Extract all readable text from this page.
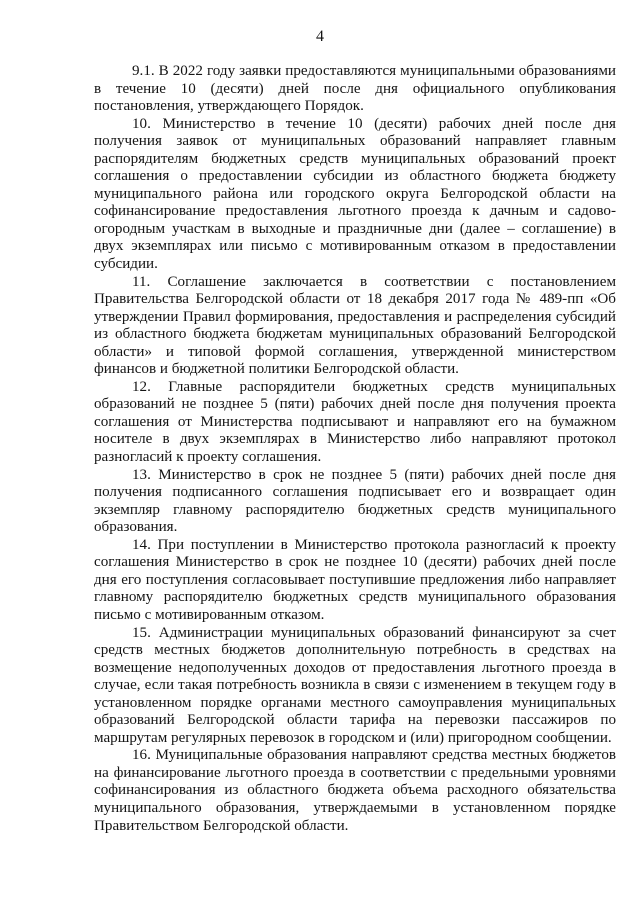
4

9.1. В 2022 году заявки предоставляются муниципальными образованиями в течение 10 (десяти) дней после дня официального опубликования постановления, утверждающего Порядок.

10. Министерство в течение 10 (десяти) рабочих дней после дня получения заявок от муниципальных образований направляет главным распорядителям бюджетных средств муниципальных образований проект соглашения о предоставлении субсидии из областного бюджета бюджету муниципального района или городского округа Белгородской области на софинансирование предоставления льготного проезда к дачным и садово-огородным участкам в выходные и праздничные дни (далее – соглашение) в двух экземплярах или письмо с мотивированным отказом в предоставлении субсидии.

11. Соглашение заключается в соответствии с постановлением Правительства Белгородской области от 18 декабря 2017 года № 489-пп «Об утверждении Правил формирования, предоставления и распределения субсидий из областного бюджета бюджетам муниципальных образований Белгородской области» и типовой формой соглашения, утвержденной министерством финансов и бюджетной политики Белгородской области.

12. Главные распорядители бюджетных средств муниципальных образований не позднее 5 (пяти) рабочих дней после дня получения проекта соглашения от Министерства подписывают и направляют его на бумажном носителе в двух экземплярах в Министерство либо направляют протокол разногласий к проекту соглашения.

13. Министерство в срок не позднее 5 (пяти) рабочих дней после дня получения подписанного соглашения подписывает его и возвращает один экземпляр главному распорядителю бюджетных средств муниципального образования.

14. При поступлении в Министерство протокола разногласий к проекту соглашения Министерство в срок не позднее 10 (десяти) рабочих дней после дня его поступления согласовывает поступившие предложения либо направляет главному распорядителю бюджетных средств муниципального образования письмо с мотивированным отказом.

15. Администрации муниципальных образований финансируют за счет средств местных бюджетов дополнительную потребность в средствах на возмещение недополученных доходов от предоставления льготного проезда в случае, если такая потребность возникла в связи с изменением в текущем году в установленном порядке органами местного самоуправления муниципальных образований Белгородской области тарифа на перевозки пассажиров по маршрутам регулярных перевозок в городском и (или) пригородном сообщении.

16. Муниципальные образования направляют средства местных бюджетов на финансирование льготного проезда в соответствии с предельными уровнями софинансирования из областного бюджета объема расходного обязательства муниципального образования, утверждаемыми в установленном порядке Правительством Белгородской области.
